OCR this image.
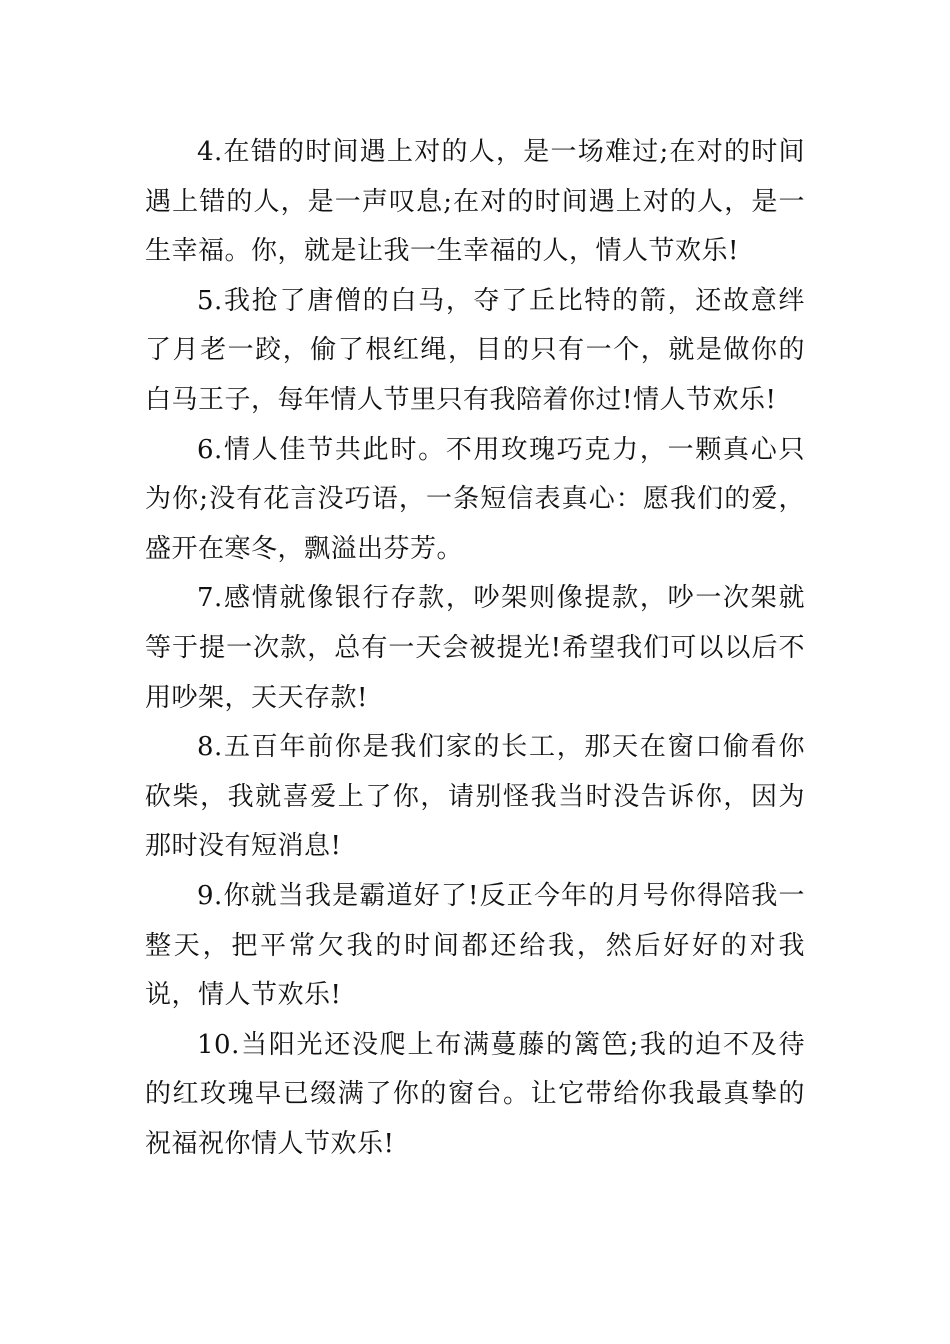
4.在错的时间遇上对的人，是一场难过;在对的时间遇上错的人，是一声叹息;在对的时间遇上对的人，是一生幸福。你，就是让我一生幸福的人，情人节欢乐!

5.我抢了唐僧的白马，夺了丘比特的箭，还故意绊了月老一跤，偷了根红绳，目的只有一个，就是做你的白马王子，每年情人节里只有我陪着你过!情人节欢乐!

6.情人佳节共此时。不用玫瑰巧克力，一颗真心只为你;没有花言没巧语，一条短信表真心：愿我们的爱，盛开在寒冬，飘溢出芬芳。

7.感情就像银行存款，吵架则像提款，吵一次架就等于提一次款，总有一天会被提光!希望我们可以以后不用吵架，天天存款!

8.五百年前你是我们家的长工，那天在窗口偷看你砍柴，我就喜爱上了你，请别怪我当时没告诉你，因为那时没有短消息!

9.你就当我是霸道好了!反正今年的月号你得陪我一整天，把平常欠我的时间都还给我，然后好好的对我说，情人节欢乐!

10.当阳光还没爬上布满蔓藤的篱笆;我的迫不及待的红玫瑰早已缀满了你的窗台。让它带给你我最真挚的祝福祝你情人节欢乐!
